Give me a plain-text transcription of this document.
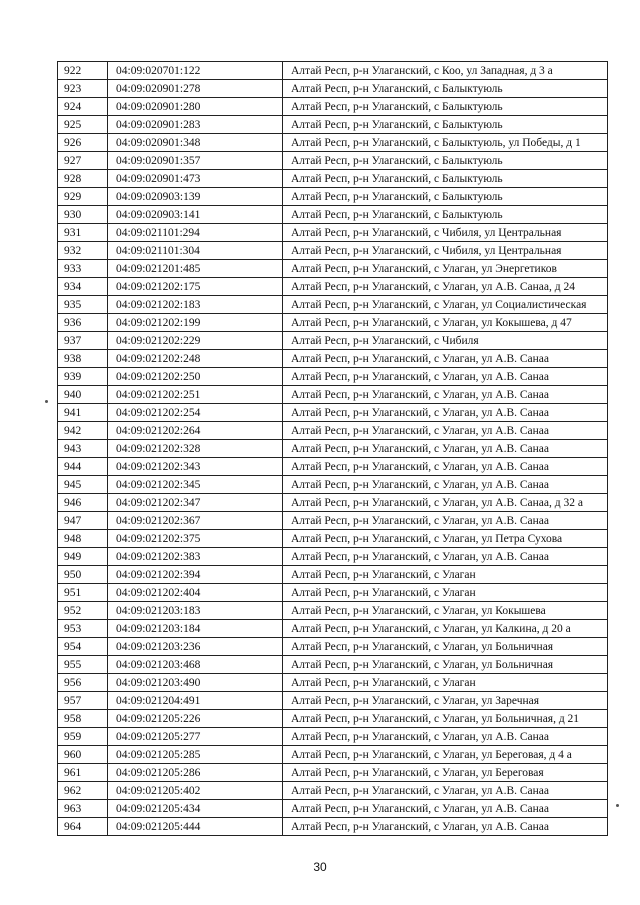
922	04:09:020701:122	Алтай Респ, р-н Улаганский, с Коо, ул Западная, д 3 а
923	04:09:020901:278	Алтай Респ, р-н Улаганский, с Балыктуюль
924	04:09:020901:280	Алтай Респ, р-н Улаганский, с Балыктуюль
925	04:09:020901:283	Алтай Респ, р-н Улаганский, с Балыктуюль
926	04:09:020901:348	Алтай Респ, р-н Улаганский, с Балыктуюль, ул Победы, д 1
927	04:09:020901:357	Алтай Респ, р-н Улаганский, с Балыктуюль
928	04:09:020901:473	Алтай Респ, р-н Улаганский, с Балыктуюль
929	04:09:020903:139	Алтай Респ, р-н Улаганский, с Балыктуюль
930	04:09:020903:141	Алтай Респ, р-н Улаганский, с Балыктуюль
931	04:09:021101:294	Алтай Респ, р-н Улаганский, с Чибиля, ул Центральная
932	04:09:021101:304	Алтай Респ, р-н Улаганский, с Чибиля, ул Центральная
933	04:09:021201:485	Алтай Респ, р-н Улаганский, с Улаган, ул Энергетиков
934	04:09:021202:175	Алтай Респ, р-н Улаганский, с Улаган, ул А.В. Санаа, д 24
935	04:09:021202:183	Алтай Респ, р-н Улаганский, с Улаган, ул Социалистическая
936	04:09:021202:199	Алтай Респ, р-н Улаганский, с Улаган, ул Кокышева, д 47
937	04:09:021202:229	Алтай Респ, р-н Улаганский, с Чибиля
938	04:09:021202:248	Алтай Респ, р-н Улаганский, с Улаган, ул А.В. Санаа
939	04:09:021202:250	Алтай Респ, р-н Улаганский, с Улаган, ул А.В. Санаа
940	04:09:021202:251	Алтай Респ, р-н Улаганский, с Улаган, ул А.В. Санаа
941	04:09:021202:254	Алтай Респ, р-н Улаганский, с Улаган, ул А.В. Санаа
942	04:09:021202:264	Алтай Респ, р-н Улаганский, с Улаган, ул А.В. Санаа
943	04:09:021202:328	Алтай Респ, р-н Улаганский, с Улаган, ул А.В. Санаа
944	04:09:021202:343	Алтай Респ, р-н Улаганский, с Улаган, ул А.В. Санаа
945	04:09:021202:345	Алтай Респ, р-н Улаганский, с Улаган, ул А.В. Санаа
946	04:09:021202:347	Алтай Респ, р-н Улаганский, с Улаган, ул А.В. Санаа, д 32 а
947	04:09:021202:367	Алтай Респ, р-н Улаганский, с Улаган, ул А.В. Санаа
948	04:09:021202:375	Алтай Респ, р-н Улаганский, с Улаган, ул Петра Сухова
949	04:09:021202:383	Алтай Респ, р-н Улаганский, с Улаган, ул А.В. Санаа
950	04:09:021202:394	Алтай Респ, р-н Улаганский, с Улаган
951	04:09:021202:404	Алтай Респ, р-н Улаганский, с Улаган
952	04:09:021203:183	Алтай Респ, р-н Улаганский, с Улаган, ул Кокышева
953	04:09:021203:184	Алтай Респ, р-н Улаганский, с Улаган, ул Калкина, д 20 а
954	04:09:021203:236	Алтай Респ, р-н Улаганский, с Улаган, ул Больничная
955	04:09:021203:468	Алтай Респ, р-н Улаганский, с Улаган, ул Больничная
956	04:09:021203:490	Алтай Респ, р-н Улаганский, с Улаган
957	04:09:021204:491	Алтай Респ, р-н Улаганский, с Улаган, ул Заречная
958	04:09:021205:226	Алтай Респ, р-н Улаганский, с Улаган, ул Больничная, д 21
959	04:09:021205:277	Алтай Респ, р-н Улаганский, с Улаган, ул А.В. Санаа
960	04:09:021205:285	Алтай Респ, р-н Улаганский, с Улаган, ул Береговая, д 4 а
961	04:09:021205:286	Алтай Респ, р-н Улаганский, с Улаган, ул Береговая
962	04:09:021205:402	Алтай Респ, р-н Улаганский, с Улаган, ул А.В. Санаа
963	04:09:021205:434	Алтай Респ, р-н Улаганский, с Улаган, ул А.В. Санаа
964	04:09:021205:444	Алтай Респ, р-н Улаганский, с Улаган, ул А.В. Санаа
30
